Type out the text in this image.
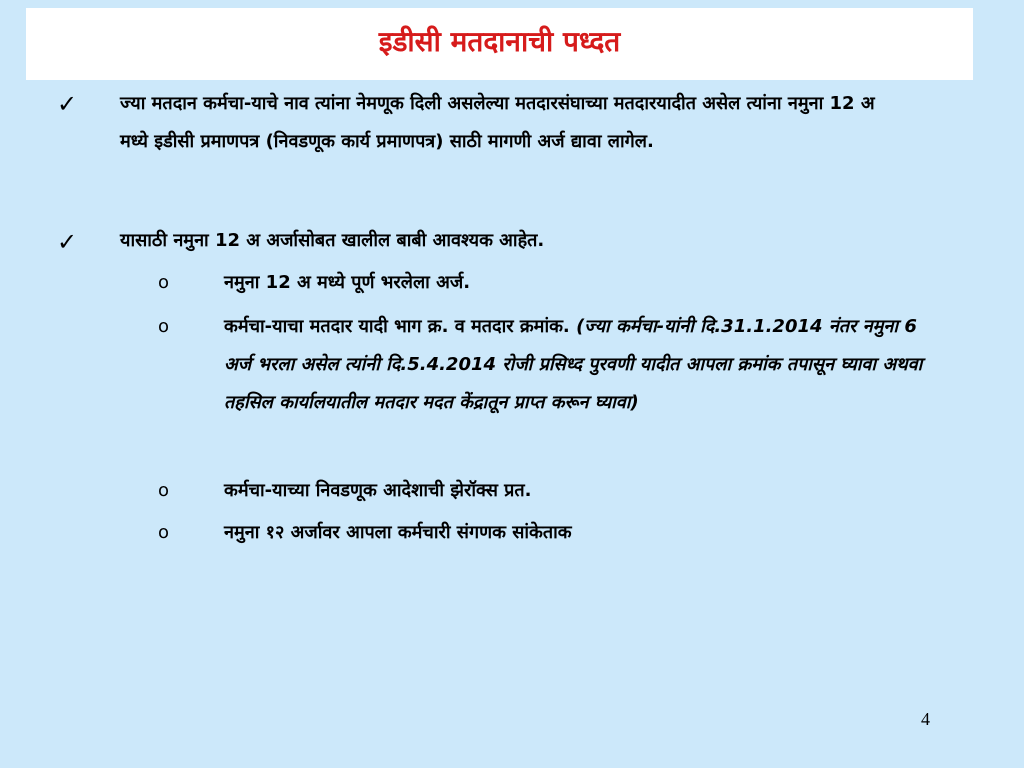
इडीसी मतदानाची पध्दत
✓ ज्या मतदान कर्मचा-याचे नाव त्यांना नेमणूक दिली असलेल्या मतदारसंघाच्या मतदारयादीत असेल त्यांना नमुना 12 अ मध्ये इडीसी प्रमाणपत्र (निवडणूक कार्य प्रमाणपत्र) साठी मागणी अर्ज द्यावा लागेल.
✓ यासाठी नमुना 12 अ अर्जासोबत खालील बाबी आवश्यक आहेत.
o	नमुना 12 अ मध्ये पूर्ण भरलेला अर्ज.
o	कर्मचा-याचा मतदार यादी भाग क्र. व मतदार क्रमांक. (ज्या कर्मचा-यांनी दि.31.1.2014 नंतर नमुना 6 अर्ज भरला असेल त्यांनी दि.5.4.2014 रोजी प्रसिध्द पुरवणी यादीत आपला क्रमांक तपासून घ्यावा अथवा तहसिल कार्यालयातील मतदार मदत केंद्रातून प्राप्त करून घ्यावा)
o	कर्मचा-याच्या निवडणूक आदेशाची झेरॉक्स प्रत.
o	नमुना १२ अर्जावर आपला कर्मचारी संगणक सांकेताक
4
